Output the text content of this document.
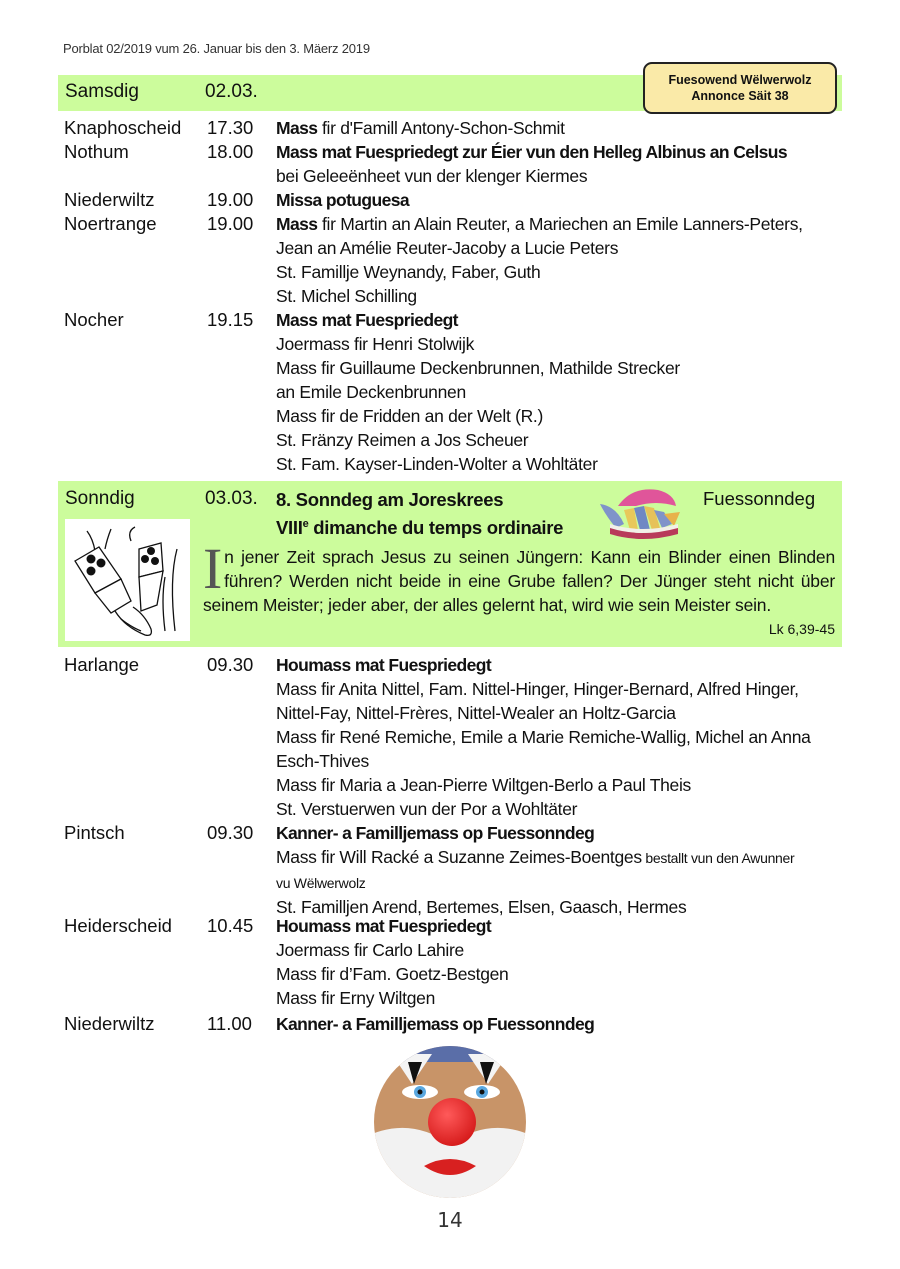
Porblat 02/2019 vum 26. Januar bis den 3. Mäerz 2019
Samsdig	02.03.
Fuesowend Wëlwerwolz
Annonce Säit 38
Knaphoscheid 17.30 Mass fir d'Famill Antony-Schon-Schmit
Nothum	18.00 Mass mat Fuespriedegt zur Éier vun den Helleg Albinus an Celsus
bei Geleeënheet vun der klenger Kiermes
Niederwiltz	19.00 Missa potuguesa
Noertrange	19.00 Mass fir Martin an Alain Reuter, a Mariechen an Emile Lanners-Peters,
Jean an Amélie Reuter-Jacoby a Lucie Peters
St. Famillje Weynandy, Faber, Guth
St. Michel Schilling
Nocher	19.15 Mass mat Fuespriedegt
Joermass fir Henri Stolwijk
Mass fir Guillaume Deckenbrunnen, Mathilde Strecker
an Emile Deckenbrunnen
Mass fir de Fridden an der Welt (R.)
St. Fränzy Reimen a Jos Scheuer
St. Fam. Kayser-Linden-Wolter a Wohltäter
Sonndig	03.03. 8. Sonndeg am Joreskrees
VIIIe dimanche du temps ordinaire
Fuessonndeg
In jener Zeit sprach Jesus zu seinen Jüngern: Kann ein Blinder einen Blinden führen? Werden nicht beide in eine Grube fallen? Der Jünger steht nicht über seinem Meister; jeder aber, der alles gelernt hat, wird wie sein Meister sein.
Lk 6,39-45
Harlange	09.30 Houmass mat Fuespriedegt
Mass fir Anita Nittel, Fam. Nittel-Hinger, Hinger-Bernard, Alfred Hinger,
Nittel-Fay, Nittel-Frères, Nittel-Wealer an Holtz-Garcia
Mass fir René Remiche, Emile a Marie Remiche-Wallig, Michel an Anna
Esch-Thives
Mass fir Maria a Jean-Pierre Wiltgen-Berlo a Paul Theis
St. Verstuerwen vun der Por a Wohltäter
Pintsch	09.30 Kanner- a Familljemass op Fuessonndeg
Mass fir Will Racké a Suzanne Zeimes-Boentges bestallt vun den Awunner
vu Wëlwerwolz
St. Familljen Arend, Bertemes, Elsen, Gaasch, Hermes
Heiderscheid 10.45 Houmass mat Fuespriedegt
Joermass fir Carlo Lahire
Mass fir d’Fam. Goetz-Bestgen
Mass fir Erny Wiltgen
Niederwiltz	11.00 Kanner- a Familljemass op Fuessonndeg
14
